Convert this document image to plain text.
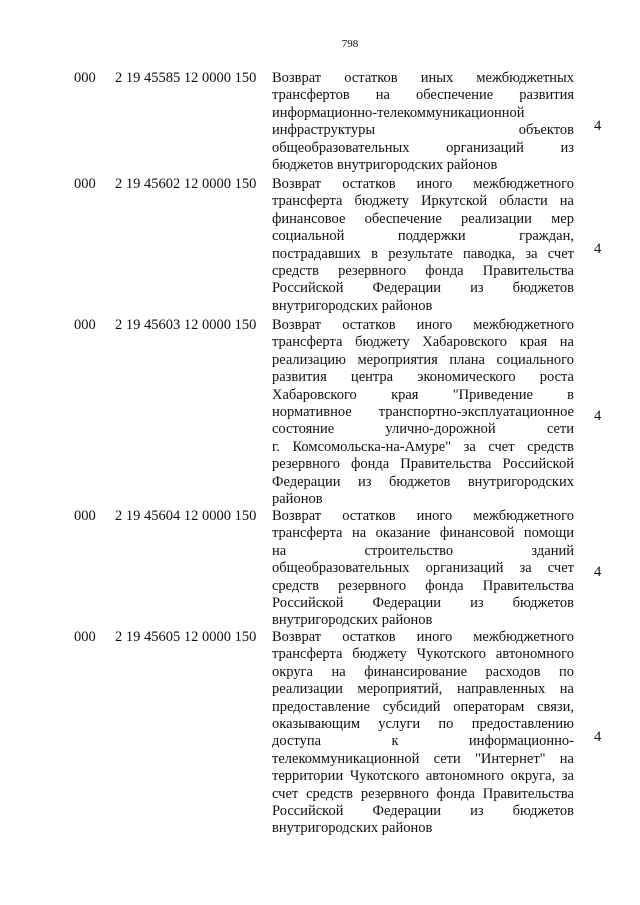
798
000 2 19 45585 12 0000 150 Возврат остатков иных межбюджетных
трансфертов на обеспечение развития
информационно-телекоммуникационной
инфраструктуры объектов
общеобразовательных организаций из
бюджетов внутригородских районов
4
000 2 19 45602 12 0000 150 Возврат остатков иного межбюджетного
трансферта бюджету Иркутской области на
финансовое обеспечение реализации мер
социальной поддержки граждан,
пострадавших в результате паводка, за счет
средств резервного фонда Правительства
Российской Федерации из бюджетов
внутригородских районов
4
000 2 19 45603 12 0000 150 Возврат остатков иного межбюджетного
трансферта бюджету Хабаровского края на
реализацию мероприятия плана социального
развития центра экономического роста
Хабаровского края "Приведение в
нормативное транспортно-эксплуатационное
состояние улично-дорожной сети
г. Комсомольска-на-Амуре" за счет средств
резервного фонда Правительства Российской
Федерации из бюджетов внутригородских
районов
4
000 2 19 45604 12 0000 150 Возврат остатков иного межбюджетного
трансферта на оказание финансовой помощи
на строительство зданий
общеобразовательных организаций за счет
средств резервного фонда Правительства
Российской Федерации из бюджетов
внутригородских районов
4
000 2 19 45605 12 0000 150 Возврат остатков иного межбюджетного
трансферта бюджету Чукотского автономного
округа на финансирование расходов по
реализации мероприятий, направленных на
предоставление субсидий операторам связи,
оказывающим услуги по предоставлению
доступа к информационно-
телекоммуникационной сети "Интернет" на
территории Чукотского автономного округа, за
счет средств резервного фонда Правительства
Российской Федерации из бюджетов
внутригородских районов
4
